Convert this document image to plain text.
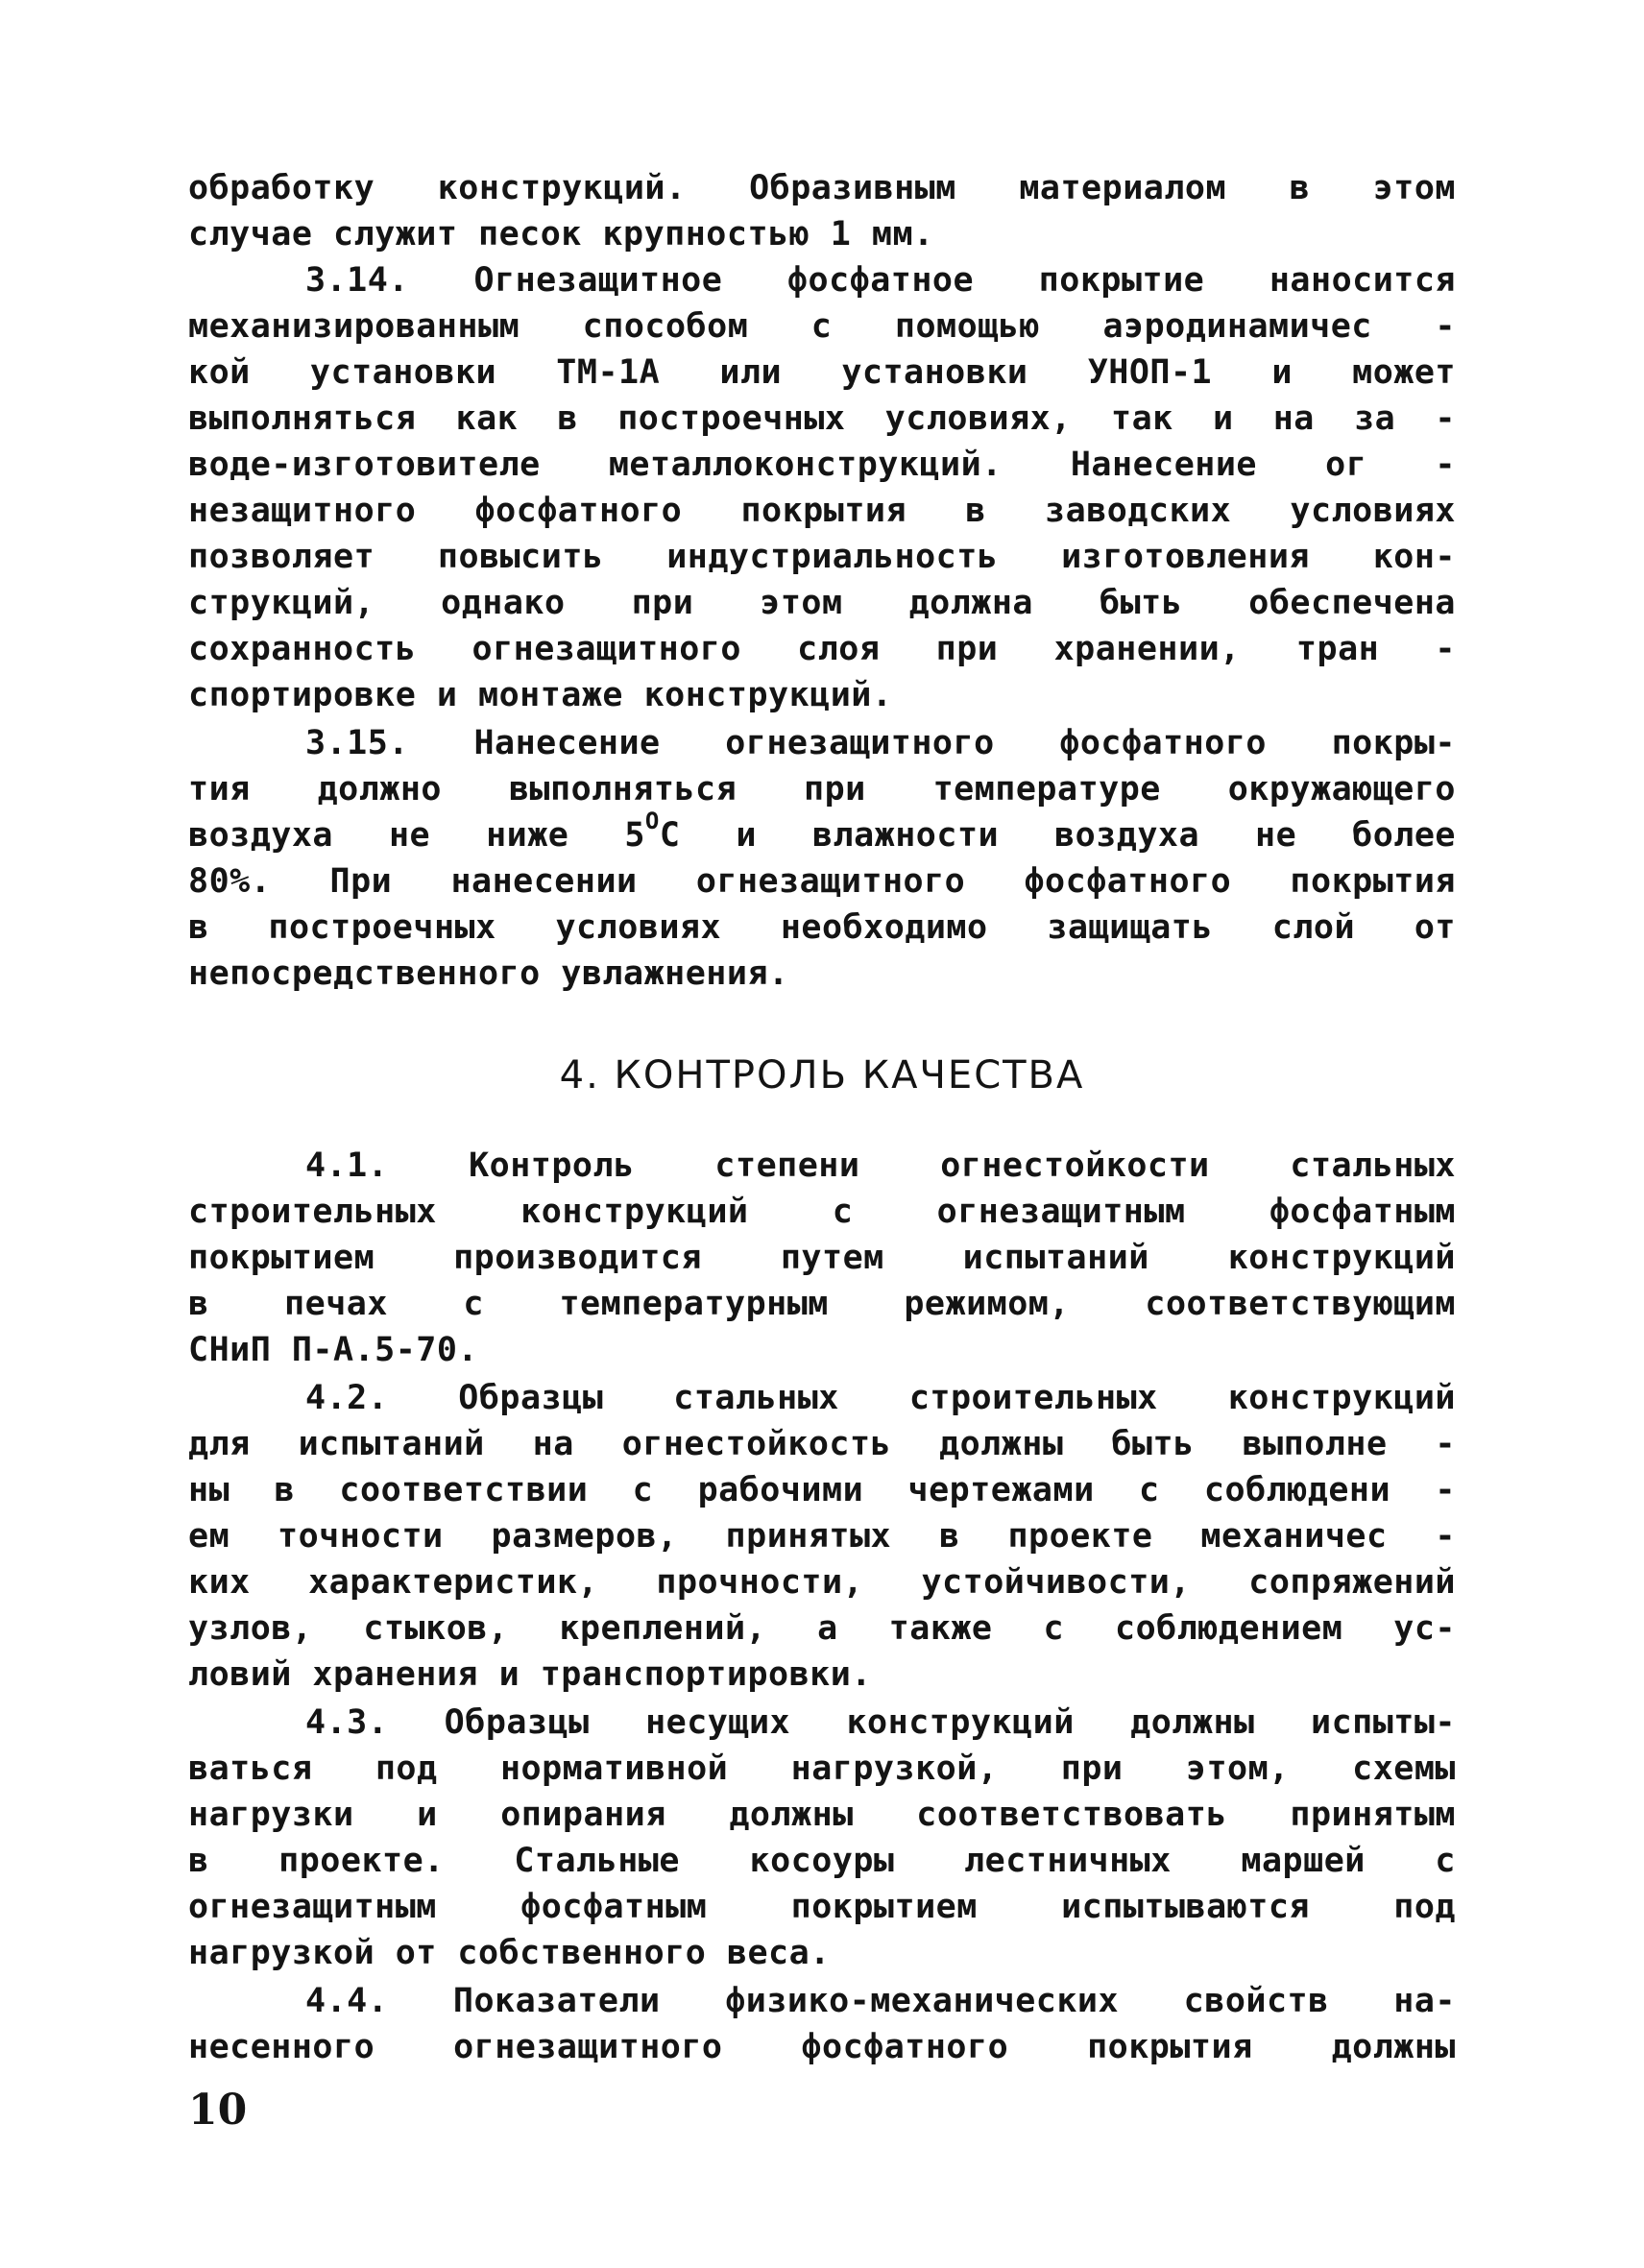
обработку конструкций. Образивным материалом в этом
случае служит песок крупностью 1 мм.
3.14. Огнезащитное фосфатное покрытие наносится
механизированным способом с помощью аэродинамичес -
кой установки ТМ-1А или установки УНОП-1 и может
выполняться как в построечных условиях, так и на за -
воде-изготовителе металлоконструкций. Нанесение ог -
незащитного фосфатного покрытия в заводских условиях
позволяет повысить индустриальность изготовления кон-
струкций, однако при этом должна быть обеспечена
сохранность огнезащитного слоя при хранении, тран -
спортировке и монтаже конструкций.
3.15. Нанесение огнезащитного фосфатного покры-
тия должно выполняться при температуре окружающего
воздуха не ниже $5^OС$ и влажности воздуха не более
80%. При нанесении огнезащитного фосфатного покрытия
в построечных условиях необходимо защищать слой от
непосредственного увлажнения.
4. КОНТРОЛЬ КАЧЕСТВА
4.1. Контроль степени огнестойкости стальных
строительных конструкций с огнезащитным фосфатным
покрытием производится путем испытаний конструкций
в печах с температурным режимом, соответствующим
СНиП П-А.5-70.
4.2. Образцы стальных строительных конструкций
для испытаний на огнестойкость должны быть выполне -
ны в соответствии с рабочими чертежами с соблюдени -
ем точности размеров, принятых в проекте механичес -
ких характеристик, прочности, устойчивости, сопряжений
узлов, стыков, креплений, а также с соблюдением ус-
ловий хранения и транспортировки.
4.3. Образцы несущих конструкций должны испыты-
ваться под нормативной нагрузкой, при этом, схемы
нагрузки и опирания должны соответствовать принятым
в проекте. Стальные косоуры лестничных маршей с
огнезащитным фосфатным покрытием испытываются под
нагрузкой от собственного веса.
4.4. Показатели физико-механических свойств на-
несенного огнезащитного фосфатного покрытия должны
10
